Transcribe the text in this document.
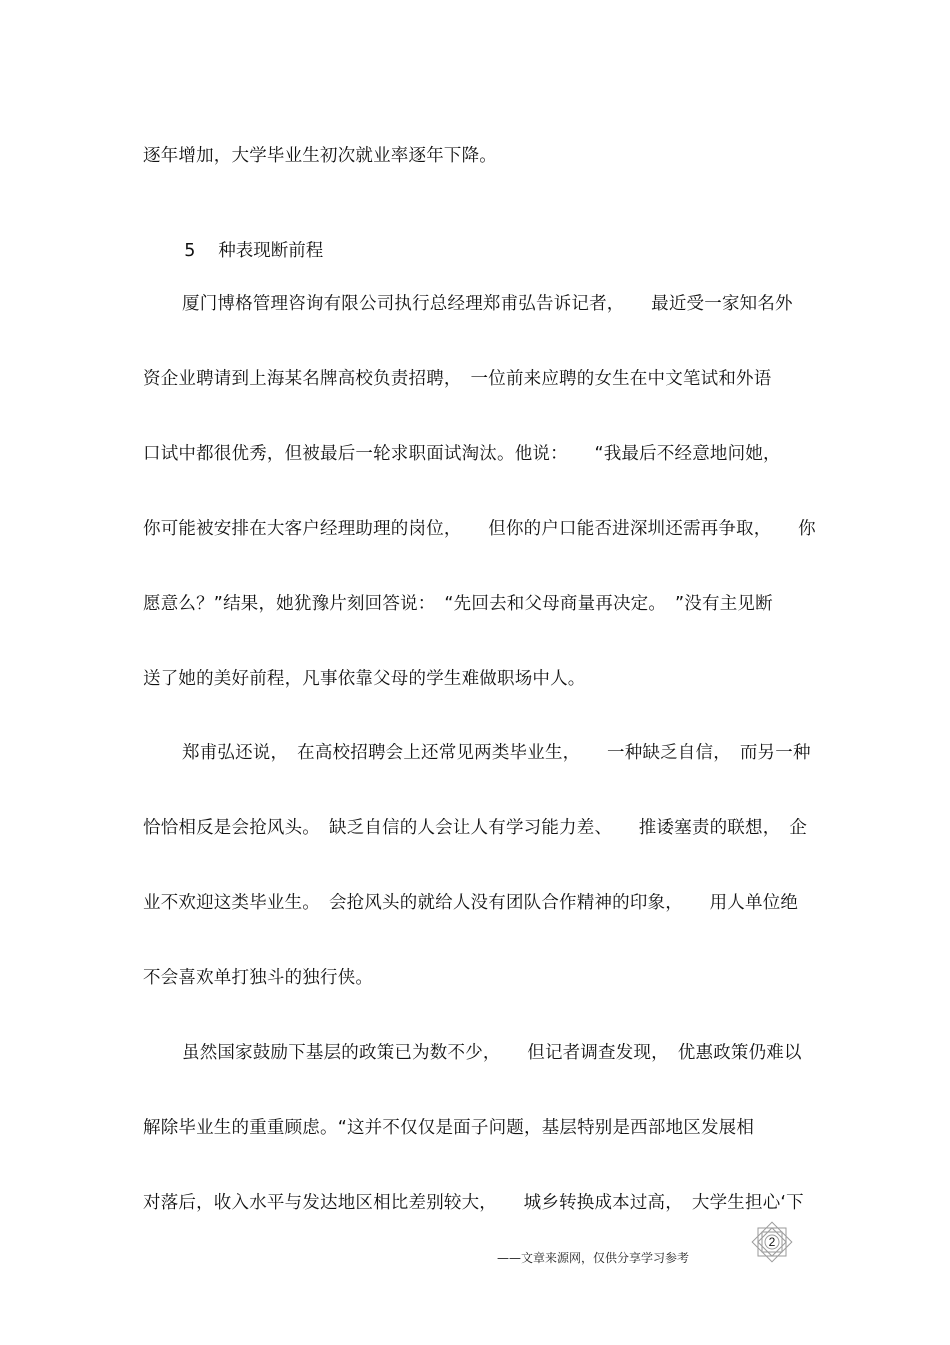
逐年增加，大学毕业生初次就业率逐年下降。

5 种表现断前程

厦门博格管理咨询有限公司执行总经理郑甫弘告诉记者，　　最近受一家知名外
资企业聘请到上海某名牌高校负责招聘，　一位前来应聘的女生在中文笔试和外语
口试中都很优秀，但被最后一轮求职面试淘汰。他说：　　“我最后不经意地问她，
你可能被安排在大客户经理助理的岗位，　　但你的户口能否进深圳还需再争取，　　你
愿意么？”结果，她犹豫片刻回答说：　“先回去和父母商量再决定。　”没有主见断
送了她的美好前程，凡事依靠父母的学生难做职场中人。
郑甫弘还说，　在高校招聘会上还常见两类毕业生，　　一种缺乏自信，　而另一种
恰恰相反是会抢风头。　缺乏自信的人会让人有学习能力差、　　推诿塞责的联想，　企
业不欢迎这类毕业生。　会抢风头的就给人没有团队合作精神的印象，　　用人单位绝
不会喜欢单打独斗的独行侠。
虽然国家鼓励下基层的政策已为数不少，　　但记者调查发现，　优惠政策仍难以
解除毕业生的重重顾虑。“这并不仅仅是面子问题，基层特别是西部地区发展相
对落后，收入水平与发达地区相比差别较大，　　城乡转换成本过高，　大学生担心‘下
——文章来源网，仅供分享学习参考
2
